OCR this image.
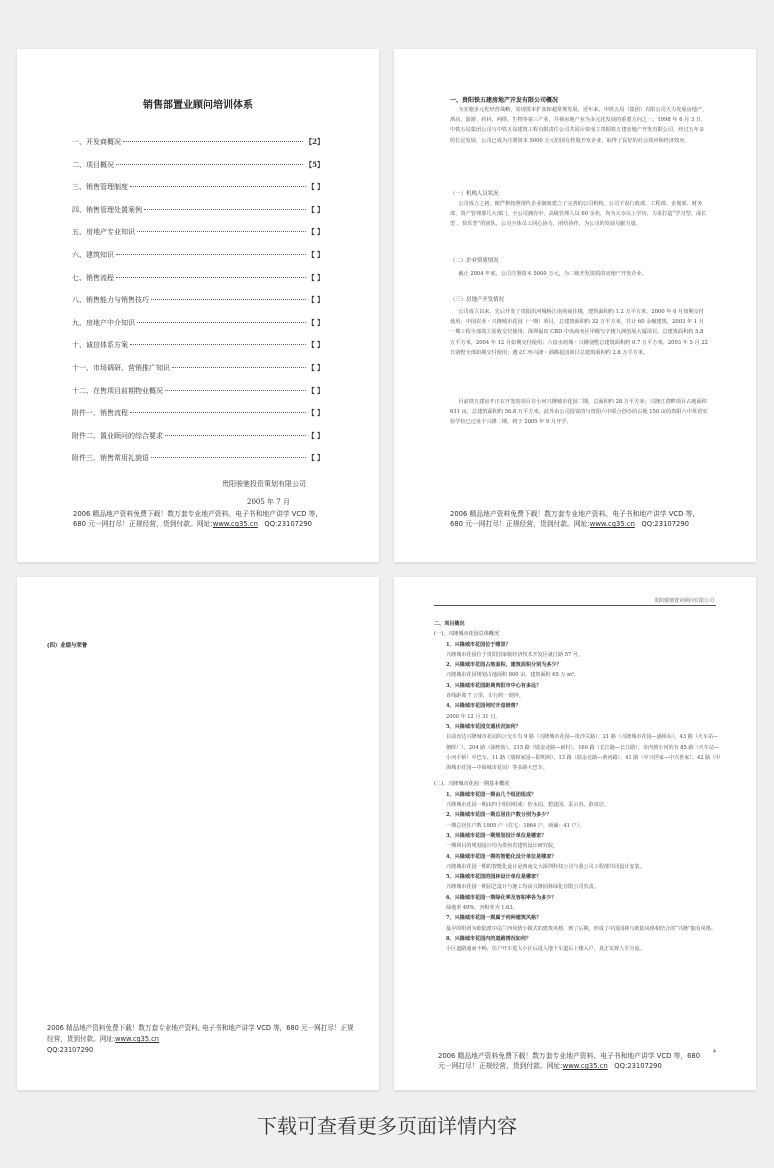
销售部置业顾问培训体系
一、开发商概况	【2】
二、项目概况	【5】
三、销售管理制度	【 】
四、销售管理处置案例	【 】
五、房地产专业知识	【 】
六、建筑知识	【 】
七、销售流程	【 】
八、销售能力与销售技巧	【 】
九、房地产中介知识	【 】
十、诚信体系方案	【 】
十一、市场调研、营销推广知识	【 】
十二、在售项目前期物业概况	【 】
附件一、销售流程	【 】
附件二、置业顾问的综合要求	【 】
附件三、销售常用礼貌语	【 】
贵阳骏驰投资策划有限公司
2005 年 7 月
2006 精品地产资料免费下载！数万套专业地产资料、电子书和地产讲学 VCD 等,
680 元一网打尽！正规经营，货到付款。网址:www.cg35.cn QQ:23107290
一、贵阳铁五建房地产开发有限公司概况

为实施多元化经营战略，实现资本扩张和超常规发展，近年来，中铁五局（集团）有限公司大力发展房地产、酒店、旅游、药材、网络、生物等第三产业，并视房地产业为多元化发展的重要方向之一。1998 年 6 月 3 日，中铁五局集团公司与中铁五局建筑工程有限责任公司共同斥资成立贵阳铁五建房地产开发有限公司，经过五年多的长足发展，公司已成为注册资本 5000 万元的国有控股开发企业，取得了良好的社会效应和经济效应。

（一）机构人员状况

公司成立之初，便严格按照现代企业制度建立了完善的公司机构。公司下设行政部、工程部、企划部、财务部、资产管理部几大部门，全公司拥有中、高级管理人员 60 余名，均为大专以上学历，力求打造“学习型、成长型 、快乐型”的团队，公司全体员工同心协力，团结协作，为公司的发展尽献力量。

（二）企业资质情况

截止 2004 年底，公司注册资本 5000 万元，为二级开发资质的房地产开发企业。

（三）房地产开发情况

公司成立以来，先后开发了贵阳沿河城桥江南苑商住楼，建筑面积约 1.2 万平方米，2000 年 6 月如期交付使用；中国农业・兴隆城市花园（一期）项目，总建筑面积约 32 万平方米，共计 60 余幢建筑，2003 年 1 月一期工程全部竣工验收交付使用；深圳福田 CBD 中央商务区甲级写字楼九洲创展大厦项目，总建筑面积约 5.8 万平方米，2004 年 12 月如期交付使用；六盘水荷城・兴隆别墅总建筑面积约 0.7 万平方米，2003 年 5 月 22 日别墅全部如期交付使用；遵义仁怀兴隆・酒都花园项目总建筑面积约 2.8 万平方米。

目前铁五建房开正在开发的项目有小河兴隆城市花园二期，总面积约 28 万平方米；兴隆江湾畔项目占地面积 631 亩，总建筑面积约 56.8 万平方米，此外由公司投资的与贵阳六中联合创办的占地 150 亩的贵阳六中英语实验学校已迁址于兴隆二期，将于 2005 年 9 月开学。

2006 精品地产资料免费下载！数万套专业地产资料、电子书和地产讲学 VCD 等,
680 元一网打尽！正规经营，货到付款。网址:www.cg35.cn QQ:23107290
(四）业绩与荣誉
2006 精品地产资料免费下载！数万套专业地产资料, 电子书和地产讲学 VCD 等，680 元一网打尽！正规经营，货到付款。网址:www.cg35.cn
QQ:23107290
贵阳骏驰置业顾问有限公司
二、项目概况
(一)、兴隆城市花园总体概况
1、兴隆城市花园位于哪里？
兴隆城市花园位于贵阳国家级经济技术开发区就江路 57 号。
2、兴隆城市花园占地面积、建筑面积分别为多少？
兴隆城市花园规划占地面积 800 亩，建筑面积 65 万 m²。
3、兴隆城市花园距离贵阳市中心有多远？
直线距离 7 公里，车行约一刻钟。
4、兴隆城市花园何时开盘销售？
2000 年 12 月 31 日。
5、兴隆城市花园交通状况如何？
目前直达兴隆城市花园的公交车有 9 路（兴隆城市花园—贵沙关路）、21 路（兴隆城市花园—盛桥东）、43 路（火车站—朝晖厂）、204 路（油榨街）、215 路（瑞金北路—新村）、160 路（长江路—长江路）、市内到小河的有 85 路（火车站—小河平桥）中巴车、11 路（瑞和家园—阳明祠）、13 路（瑞金北路—黄河路）、41 路（中兴世家—中兴世家）、42 路（中海城市花园—中海城市花园）等多路大巴车。
(二)、兴隆城市花园一期基本概况
1、兴隆城市花园一期由几个组团组成？
兴隆城市花园一期由四个组团组成：怡水园、碧波园、采云谷、聆泉居。
2、兴隆城市花园一期总居住户数分别为多少？
一期总居住户数 1905 户（住宅：1864 户，商铺：41 户）。
3、兴隆城市花园一期规划设计单位是哪家？
一期项目的规划设计均为贵州省建筑设计研究院。
4、兴隆城市花园一期的智能化设计单位是哪家？
兴隆城市花园一期的智能化设计是西南交大深圳科技公司与我公司工程部共同设计安装。
5、兴隆城市花园的园林设计单位是哪家？
兴隆城市花园一期园艺设计与施工均由兴隆园林绿化有限公司负责。
6、兴隆城市花园一期绿化率及容积率各为多少？
绿地率 49%，容积率为 1.63。
7、兴隆城市花园一期属于何种建筑风格？
最早的组团为欧陆派中法兰西风情小镇式的建筑风格，到了后期，形成了中国园林与欧陆风格相结合的“兴隆”独有风格。
8、兴隆城市花园内的道路情况如何？
小区道路通而不畅，住户开车进入小区后进入地下车道后上楼入户，真正实现人车分流。
2006 精品地产资料免费下载！数万套专业地产资料、电子书和地产讲学 VCD 等，680
元一网打尽！正规经营，货到付款。网址:www.cg35.cn QQ:23107290
4
下载可查看更多页面详情内容
